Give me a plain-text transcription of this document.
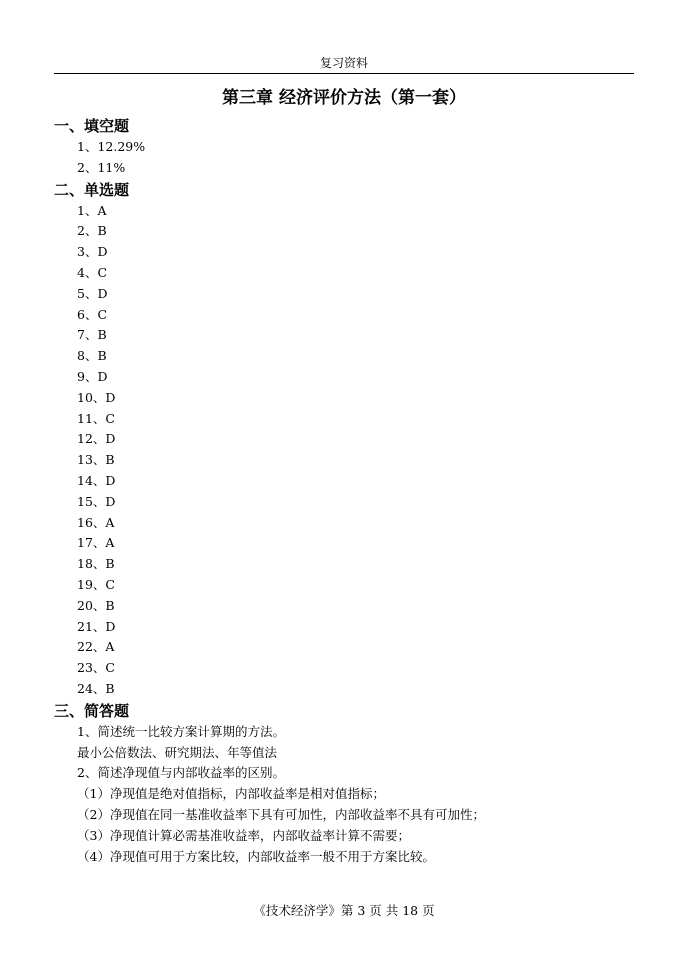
复习资料
第三章 经济评价方法（第一套）
一、填空题
1、12.29%
2、11%
二、单选题
1、A
2、B
3、D
4、C
5、D
6、C
7、B
8、B
9、D
10、D
11、C
12、D
13、B
14、D
15、D
16、A
17、A
18、B
19、C
20、B
21、D
22、A
23、C
24、B
三、简答题
1、简述统一比较方案计算期的方法。
最小公倍数法、研究期法、年等值法
2、简述净现值与内部收益率的区别。
（1）净现值是绝对值指标，内部收益率是相对值指标；
（2）净现值在同一基准收益率下具有可加性，内部收益率不具有可加性；
（3）净现值计算必需基准收益率，内部收益率计算不需要；
（4）净现值可用于方案比较，内部收益率一般不用于方案比较。
《技术经济学》第 3 页 共 18 页
